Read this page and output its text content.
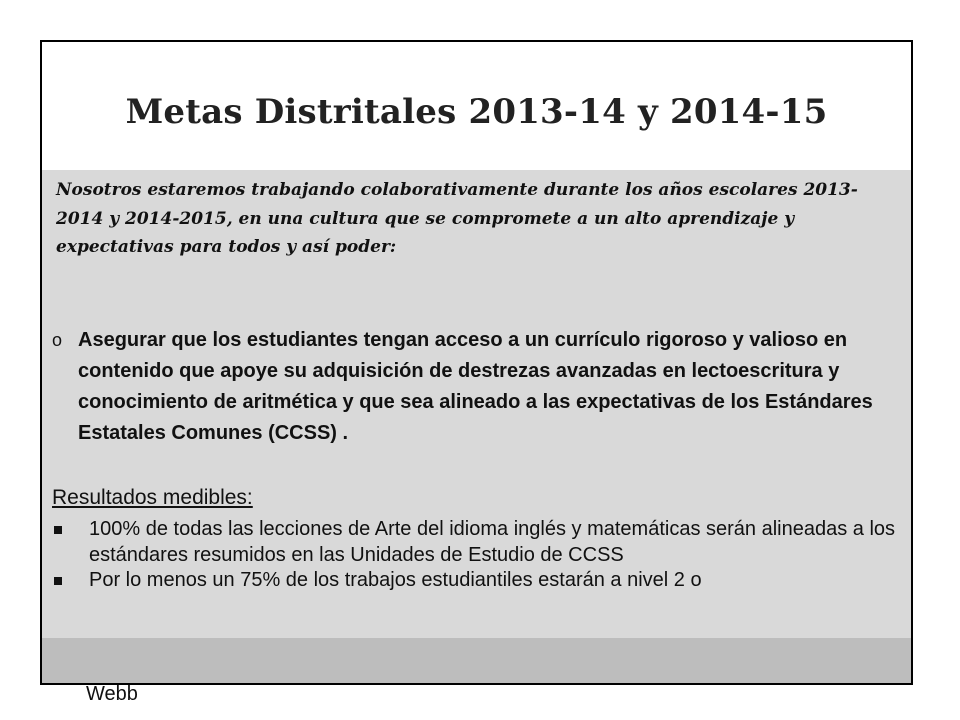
Metas Distritales 2013-14 y 2014-15
Nosotros estaremos trabajando colaborativamente durante los años escolares 2013-2014 y 2014-2015, en una cultura que se compromete a un alto aprendizaje y expectativas para todos y así poder:
o Asegurar que los estudiantes tengan acceso a un currículo rigoroso y valioso en contenido que apoye su adquisición de destrezas avanzadas en lectoescritura y conocimiento de aritmética y que sea alineado a las expectativas de los Estándares Estatales Comunes (CCSS) .
Resultados medibles:
100% de todas las lecciones de Arte del idioma inglés y matemáticas serán alineadas a los estándares resumidos en las Unidades de Estudio de CCSS
Por lo menos un 75% de los trabajos estudiantiles estarán a nivel 2 o
Webb
